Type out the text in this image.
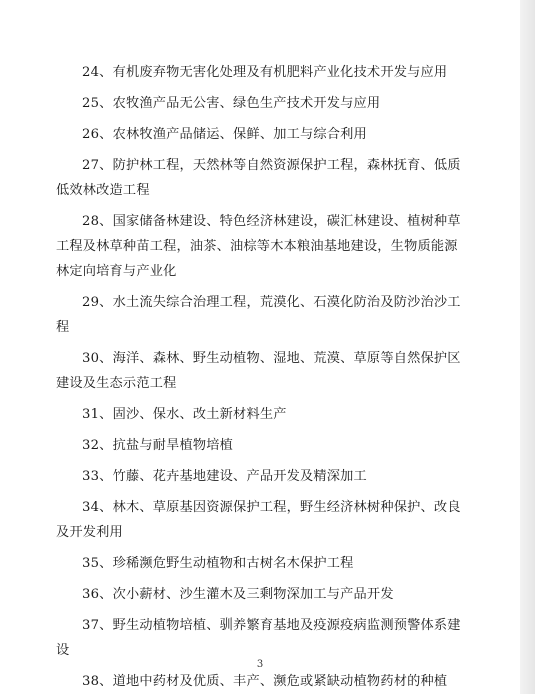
24、有机废弃物无害化处理及有机肥料产业化技术开发与应用
25、农牧渔产品无公害、绿色生产技术开发与应用
26、农林牧渔产品储运、保鲜、加工与综合利用
27、防护林工程，天然林等自然资源保护工程，森林抚育、低质低效林改造工程
28、国家储备林建设、特色经济林建设，碳汇林建设、植树种草工程及林草种苗工程，油茶、油棕等木本粮油基地建设，生物质能源林定向培育与产业化
29、水土流失综合治理工程，荒漠化、石漠化防治及防沙治沙工程
30、海洋、森林、野生动植物、湿地、荒漠、草原等自然保护区建设及生态示范工程
31、固沙、保水、改土新材料生产
32、抗盐与耐旱植物培植
33、竹藤、花卉基地建设、产品开发及精深加工
34、林木、草原基因资源保护工程，野生经济林树种保护、改良及开发利用
35、珍稀濒危野生动植物和古树名木保护工程
36、次小薪材、沙生灌木及三剩物深加工与产品开发
37、野生动植物培植、驯养繁育基地及疫源疫病监测预警体系建设
38、道地中药材及优质、丰产、濒危或紧缺动植物药材的种植
3
